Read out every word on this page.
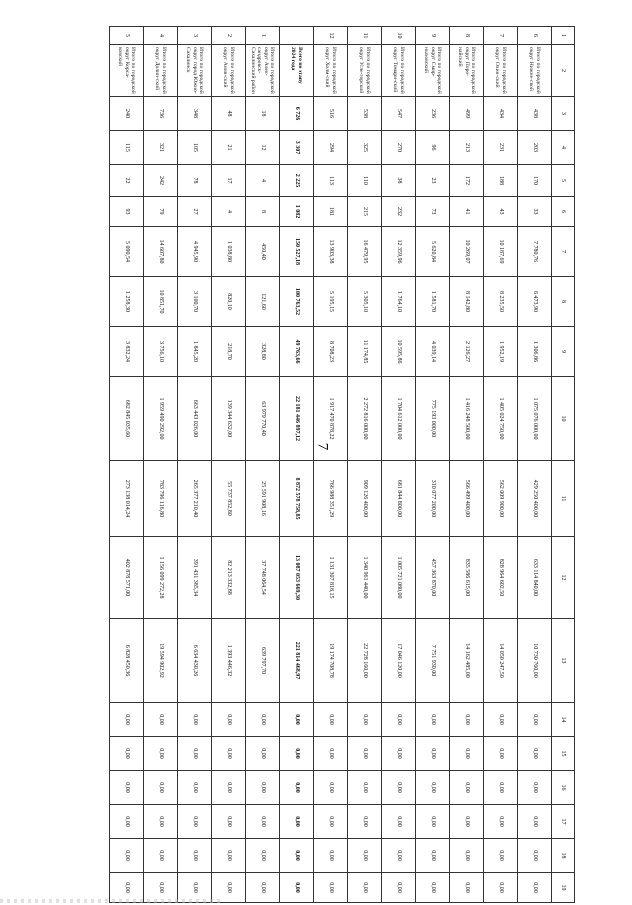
7
1	2	3	4	5	6	7	8	9	10	11	12	13	14	15	16	17	18	19
6	Итого по городской округ Нижне-свой	438	203	170	33	7 780,76	6 473,90	1 306,86	1 075 076 000,00	429 250 400,00	633 114 840,00	10 730 760,00	0,00	0,00	0,00	0,00	0,00	0,00
7	Итого по городской округ Охин-ский	434	231	188	43	10 187,69	8 235,50	1 952,19	1 405 024 750,00	562 009 900,00	828 964 602,50	14 050 247,50	0,00	0,00	0,00	0,00	0,00	0,00
8	Итого по городской округ Поро-найский	499	213	172	41	10 269,07	8 142,80	2 126,27	1 416 248 500,00	566 499 400,00	835 586 615,00	14 162 485,00	0,00	0,00	0,00	0,00	0,00	0,00
9	Итого по городской округ Смир-ныховский	236	96	23	73	5 620,84	1 581,70	4 039,14	775 193 000,00	310 077 200,00	457 363 870,00	7 751 930,00	0,00	0,00	0,00	0,00	0,00	0,00
10	Итого по городской округ Томари-ский	547	270	38	232	12 359,96	1 764,10	10 595,86	1 704 612 000,00	681 844 800,00	1 005 721 080,00	17 046 120,00	0,00	0,00	0,00	0,00	0,00	0,00
11	Итого по городской округ Угле-горский	538	325	110	215	16 479,95	5 305,10	11 174,85	2 272 816 000,00	909 126 400,00	1 340 961 440,00	22 728 160,00	0,00	0,00	0,00	0,00	0,00	0,00
12	Итого по городской округ Холм-ский	516	294	113	181	13 903,38	5 195,15	8 708,23	1 917 470 878,22	766 988 351,29	1 131 307 818,15	19 174 708,78	0,00	0,00	0,00	0,00	0,00	0,00
	Всего по этапу 2024 года	6 726	3 307	2 225	1 082	150 527,18	100 763,52	49 763,66	22 181 446 897,12	8 872 578 758,85	13 087 053 669,30	221 814 468,97	0,00	0,00	0,00	0,00	0,00	0,00
1	Итого по городской округ Алек-сандровск-Сахалинский район	18	12	4	8	450,40	121,60	328,80	63 979 770,40	25 591 908,16	37 748 064,54	639 797,70	0,00	0,00	0,00	0,00	0,00	0,00
2	Итого по городской округ Анив-ский	48	21	17	4	1 038,80	820,10	218,70	139 344 632,00	55 737 852,80	82 213 332,88	1 393 446,32	0,00	0,00	0,00	0,00	0,00	0,00
3	Итого по городской округ город Южно-Сахалинск	348	105	78	27	4 945,90	3 100,70	1 845,20	663 443 026,00	265 377 210,40	391 431 385,34	6 634 430,26	0,00	0,00	0,00	0,00	0,00	0,00
4	Итого по городской округ Долин-ский	736	321	242	79	14 607,80	10 851,70	3 756,10	1 959 490 292,00	783 796 116,80	1 156 099 272,28	19 594 902,92	0,00	0,00	0,00	0,00	0,00	0,00
5	Итого по городской округ Корса-ковский	240	115	22	93	5 090,54	1 258,30	3 832,24	682 845 035,60	273 138 014,24	402 878 571,00	6 828 450,36	0,00	0,00	0,00	0,00	0,00	0,00
